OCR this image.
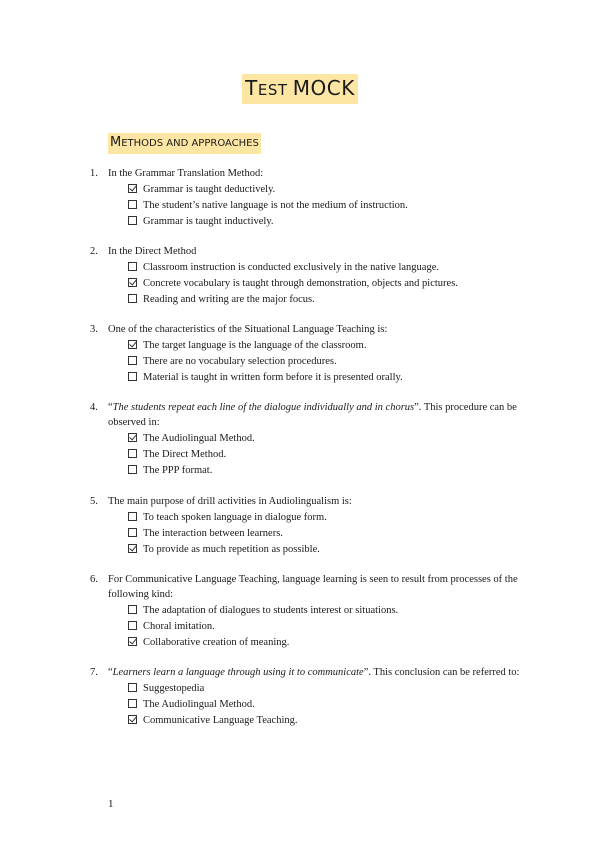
TEST MOCK
METHODS AND APPROACHES
1. In the Grammar Translation Method:
Grammar is taught deductively.
The student’s native language is not the medium of instruction.
Grammar is taught inductively.
2. In the Direct Method
Classroom instruction is conducted exclusively in the native language.
Concrete vocabulary is taught through demonstration, objects and pictures.
Reading and writing are the major focus.
3. One of the characteristics of the Situational Language Teaching is:
The target language is the language of the classroom.
There are no vocabulary selection procedures.
Material is taught in written form before it is presented orally.
4. “The students repeat each line of the dialogue individually and in chorus”. This procedure can be observed in:
The Audiolingual Method.
The Direct Method.
The PPP format.
5. The main purpose of drill activities in Audiolingualism is:
To teach spoken language in dialogue form.
The interaction between learners.
To provide as much repetition as possible.
6. For Communicative Language Teaching, language learning is seen to result from processes of the following kind:
The adaptation of dialogues to students interest or situations.
Choral imitation.
Collaborative creation of meaning.
7. “Learners learn a language through using it to communicate”. This conclusion can be referred to:
Suggestopedia
The Audiolingual Method.
Communicative Language Teaching.
1
